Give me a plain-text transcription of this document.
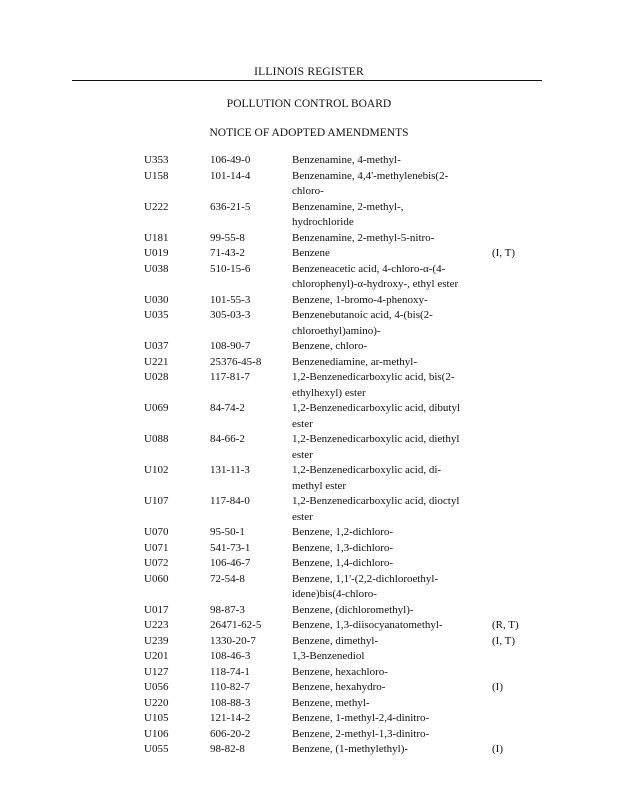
ILLINOIS REGISTER
POLLUTION CONTROL BOARD
NOTICE OF ADOPTED AMENDMENTS
U353	106-49-0	Benzenamine, 4-methyl-
U158	101-14-4	Benzenamine, 4,4'-methylenebis(2-
chloro-
U222	636-21-5	Benzenamine, 2-methyl-,
hydrochloride
U181	99-55-8	Benzenamine, 2-methyl-5-nitro-
U019	71-43-2	Benzene	(I, T)
U038	510-15-6	Benzeneacetic acid, 4-chloro-α-(4-
chlorophenyl)-α-hydroxy-, ethyl ester
U030	101-55-3	Benzene, 1-bromo-4-phenoxy-
U035	305-03-3	Benzenebutanoic acid, 4-(bis(2-
chloroethyl)amino)-
U037	108-90-7	Benzene, chloro-
U221	25376-45-8	Benzenediamine, ar-methyl-
U028	117-81-7	1,2-Benzenedicarboxylic acid, bis(2-
ethylhexyl) ester
U069	84-74-2	1,2-Benzenedicarboxylic acid, dibutyl
ester
U088	84-66-2	1,2-Benzenedicarboxylic acid, diethyl
ester
U102	131-11-3	1,2-Benzenedicarboxylic acid, di-
methyl ester
U107	117-84-0	1,2-Benzenedicarboxylic acid, dioctyl
ester
U070	95-50-1	Benzene, 1,2-dichloro-
U071	541-73-1	Benzene, 1,3-dichloro-
U072	106-46-7	Benzene, 1,4-dichloro-
U060	72-54-8	Benzene, 1,1'-(2,2-dichloroethyl-
idene)bis(4-chloro-
U017	98-87-3	Benzene, (dichloromethyl)-
U223	26471-62-5	Benzene, 1,3-diisocyanatomethyl-	(R, T)
U239	1330-20-7	Benzene, dimethyl-	(I, T)
U201	108-46-3	1,3-Benzenediol
U127	118-74-1	Benzene, hexachloro-
U056	110-82-7	Benzene, hexahydro-	(I)
U220	108-88-3	Benzene, methyl-
U105	121-14-2	Benzene, 1-methyl-2,4-dinitro-
U106	606-20-2	Benzene, 2-methyl-1,3-dinitro-
U055	98-82-8	Benzene, (1-methylethyl)-	(I)
